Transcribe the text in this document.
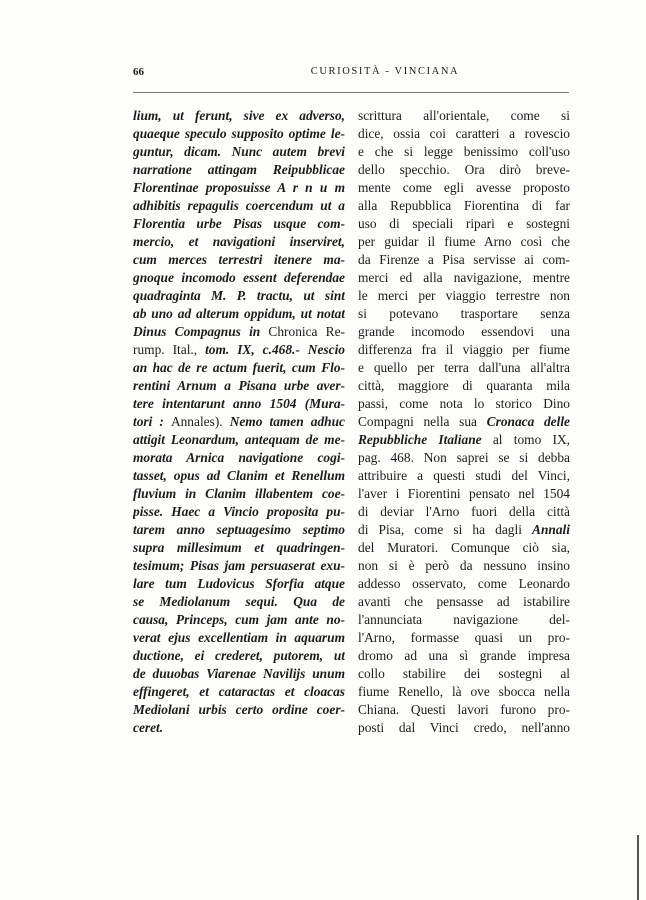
66	CURIOSITÀ - VINCIANA
lium, ut ferunt, sive ex adverso,
quaeque speculo supposito optime le-
guntur, dicam. Nunc autem brevi
narratione attingam Reipubblicae
Florentinae proposuisse A r n u m
adhibitis repagulis coercendum ut a
Florentia urbe Pisas usque com-
mercio, et navigationi inserviret,
cum merces terrestri itenere ma-
gnoque incomodo essent deferendae
quadraginta M. P. tractu, ut sint
ab uno ad alterum oppidum, ut notat
Dinus Compagnus in Chronica Re-
rump. Ital., tom. IX, c.468.- Nescio
an hac de re actum fuerit, cum Flo-
rentini Arnum a Pisana urbe aver-
tere intentarunt anno 1504 (Mura-
tori : Annales). Nemo tamen adhuc
attigit Leonardum, antequam de me-
morata Arnica navigatione cogi-
tasset, opus ad Clanim et Renellum
fluvium in Clanim illabentem coe-
pisse. Haec a Vincio proposita pu-
tarem anno septuagesimo septimo
supra millesimum et quadringen-
tesimum; Pisas jam persuaserat exu-
lare tum Ludovicus Sforfia atque
se Mediolanum sequi. Qua de
causa, Princeps, cum jam ante no-
verat ejus excellentiam in aquarum
ductione, ei crederet, putorem, ut
de duuobas Viarenae Navilijs unum
effingeret, et cataractas et cloacas
Mediolani urbis certo ordine coer-
ceret.
scrittura all'orientale, come si
dice, ossia coi caratteri a rovescio
e che si legge benissimo coll'uso
dello specchio. Ora dirò breve-
mente come egli avesse proposto
alla Repubblica Fiorentina di far
uso di speciali ripari e sostegni
per guidar il fiume Arno così che
da Firenze a Pisa servisse ai com-
merci ed alla navigazione, mentre
le merci per viaggio terrestre non
si potevano trasportare senza
grande incomodo essendovi una
differenza fra il viaggio per fiume
e quello per terra dall'una all'altra
città, maggiore di quaranta mila
passi, come nota lo storico Dino
Compagni nella sua Cronaca delle
Repubbliche Italiane al tomo IX,
pag. 468. Non saprei se si debba
attribuire a questi studi del Vinci,
l'aver i Fiorentini pensato nel 1504
di deviar l'Arno fuori della città
di Pisa, come si ha dagli Annali
del Muratori. Comunque ciò sia,
non si è però da nessuno insino
addesso osservato, come Leonardo
avanti che pensasse ad istabilire
l'annunciata navigazione del-
l'Arno, formasse quasi un pro-
dromo ad una sì grande impresa
collo stabilire dei sostegni al
fiume Renello, là ove sbocca nella
Chiana. Questi lavori furono pro-
posti dal Vinci credo, nell'anno
